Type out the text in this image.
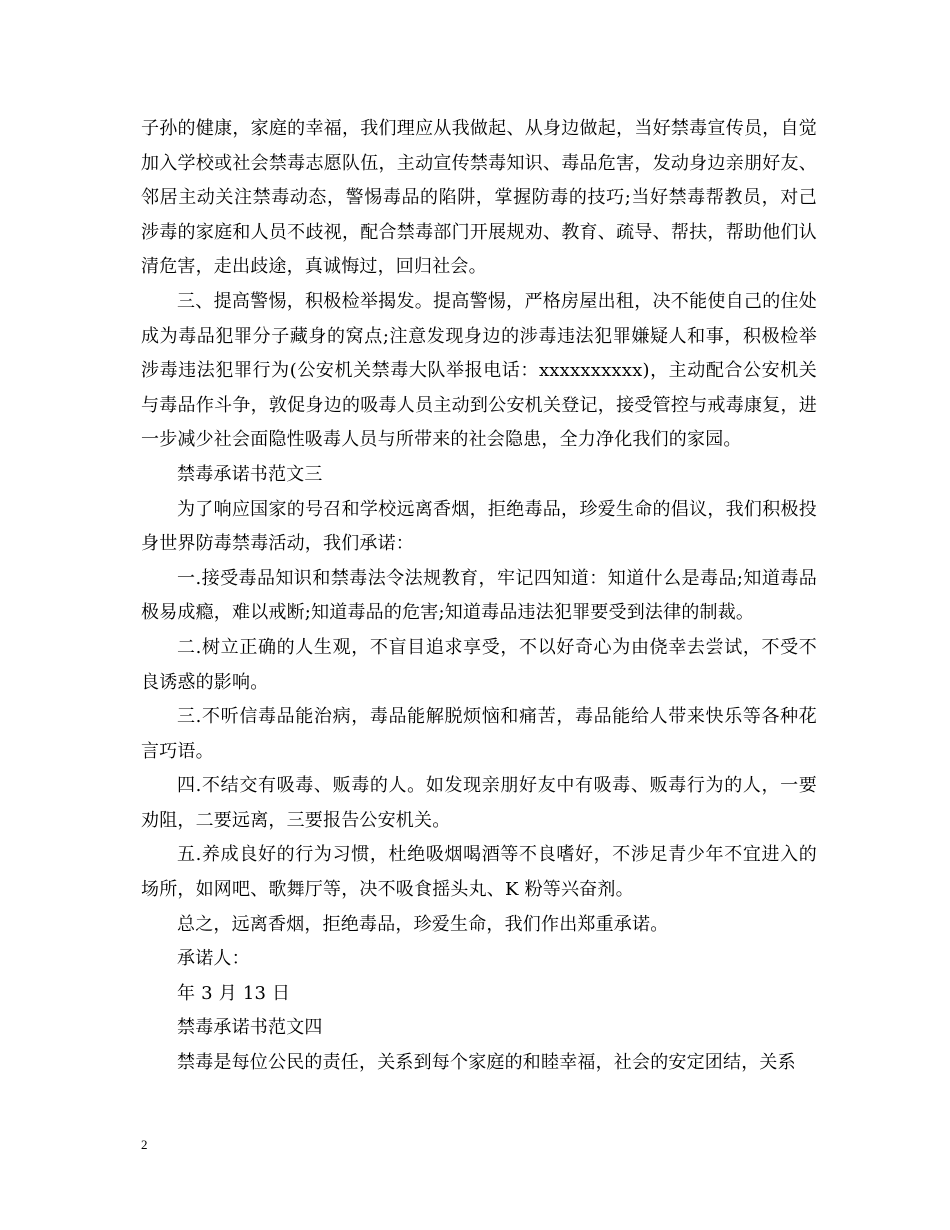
子孙的健康，家庭的幸福，我们理应从我做起、从身边做起，当好禁毒宣传员，自觉加入学校或社会禁毒志愿队伍，主动宣传禁毒知识、毒品危害，发动身边亲朋好友、邻居主动关注禁毒动态，警惕毒品的陷阱，掌握防毒的技巧;当好禁毒帮教员，对己涉毒的家庭和人员不歧视，配合禁毒部门开展规劝、教育、疏导、帮扶，帮助他们认清危害，走出歧途，真诚悔过，回归社会。

三、提高警惕，积极检举揭发。提高警惕，严格房屋出租，决不能使自己的住处成为毒品犯罪分子藏身的窝点;注意发现身边的涉毒违法犯罪嫌疑人和事，积极检举涉毒违法犯罪行为(公安机关禁毒大队举报电话：xxxxxxxxxx)，主动配合公安机关与毒品作斗争，敦促身边的吸毒人员主动到公安机关登记，接受管控与戒毒康复，进一步减少社会面隐性吸毒人员与所带来的社会隐患，全力净化我们的家园。

禁毒承诺书范文三

为了响应国家的号召和学校远离香烟，拒绝毒品，珍爱生命的倡议，我们积极投身世界防毒禁毒活动，我们承诺：

一.接受毒品知识和禁毒法令法规教育，牢记四知道：知道什么是毒品;知道毒品极易成瘾，难以戒断;知道毒品的危害;知道毒品违法犯罪要受到法律的制裁。

二.树立正确的人生观，不盲目追求享受，不以好奇心为由侥幸去尝试，不受不良诱惑的影响。

三.不听信毒品能治病，毒品能解脱烦恼和痛苦，毒品能给人带来快乐等各种花言巧语。

四.不结交有吸毒、贩毒的人。如发现亲朋好友中有吸毒、贩毒行为的人，一要劝阻，二要远离，三要报告公安机关。

五.养成良好的行为习惯，杜绝吸烟喝酒等不良嗜好，不涉足青少年不宜进入的场所，如网吧、歌舞厅等，决不吸食摇头丸、K 粉等兴奋剂。

总之，远离香烟，拒绝毒品，珍爱生命，我们作出郑重承诺。

承诺人：

年 3 月 13 日

禁毒承诺书范文四

禁毒是每位公民的责任，关系到每个家庭的和睦幸福，社会的安定团结，关系

2
